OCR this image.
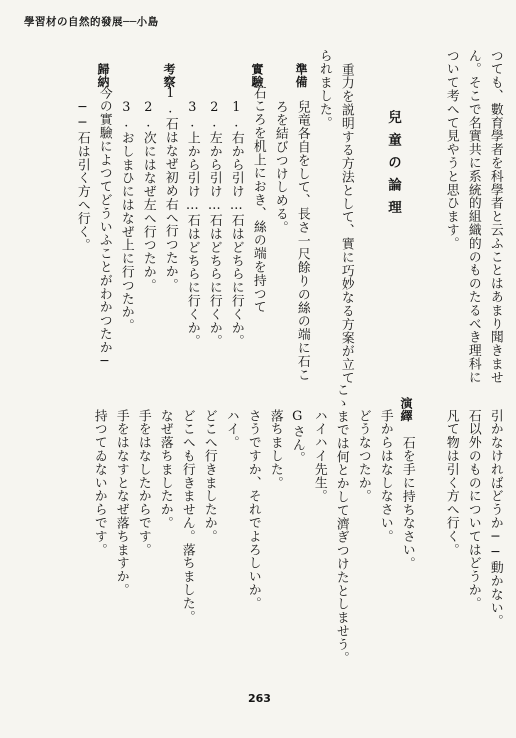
學習材の自然的發展──小島
つても、數育學者を科學者と云ふことはあまり聞きませ
ん。そこで名實共に系統的組織的のものたるべき理科に
ついて考へて見やうと思ひます。
重力を説明する方法として、實に巧妙なる方案が立て
られました。
兒竜各自をして、長さ一尺餘りの絲の端に石こ
ろを結びつけしめる。
石ころを机上におき、絲の端を持つて
1.右から引け…石はどちらに行くか。
2.左から引け…石はどちらに行くか。
3.上から引け…石はどちらに行くか。
1.石はなぜ初め右へ行つたか。
2.次にはなぜ左へ行つたか。
3.おしまひにはなぜ上に行つたか。
今の實驗によつてどういふことがわかつたか─
──石は引く方へ行く。
引かなければどうか──動かない。
石以外のものについてはどうか。
凡て物は引く方へ行く。
石を手に持ちなさい。
手からはなしなさい。
どうなつたか。
こゝまでは何とかして濟ぎつけたとしませう。
ハイハイ先生。
Gさん。
落ちました。
さうですか、それでよろしいか。
ハイ。
どこへ行きましたか。
どこへも行きません。落ちました。
なぜ落ちましたか。
手をはなしたからです。
手をはなすとなぜ落ちますか。
持つてゐないからです。
準備
實驗
考察
歸納
演繹
兒童の論理
263
